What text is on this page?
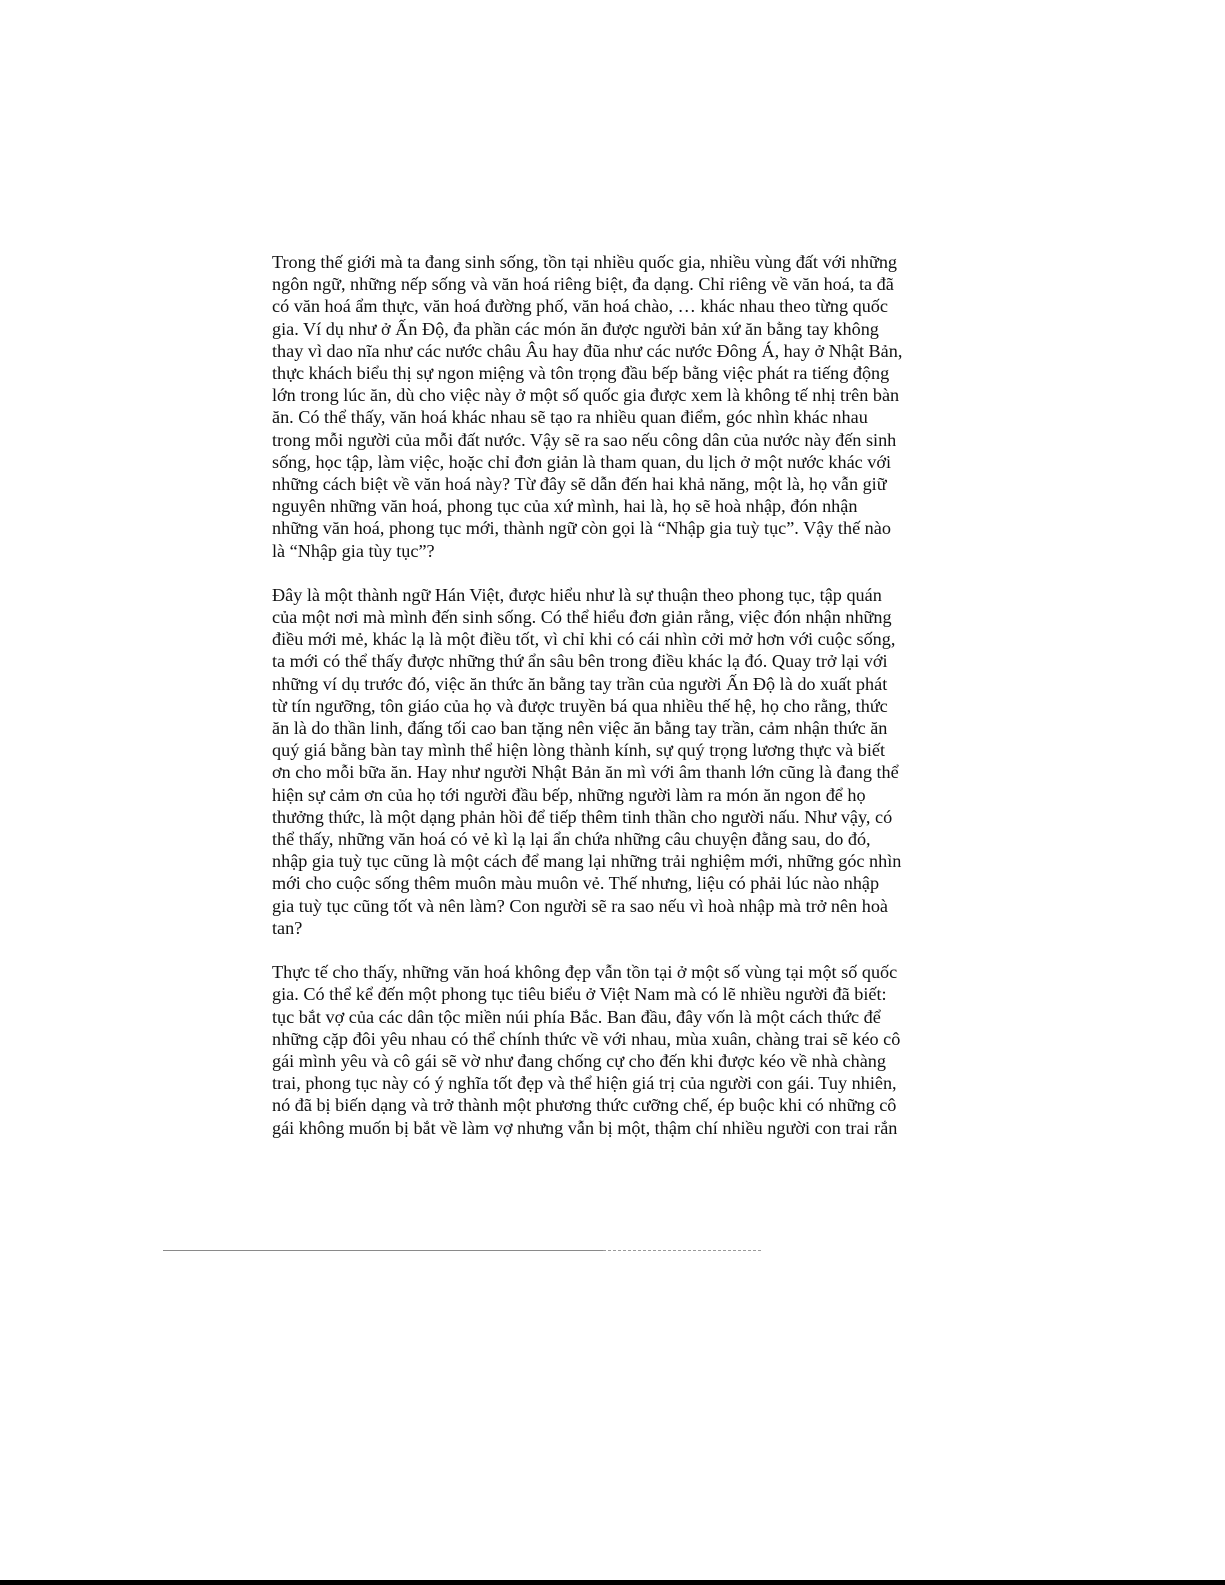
Trong thế giới mà ta đang sinh sống, tồn tại nhiều quốc gia, nhiều vùng đất với những
ngôn ngữ, những nếp sống và văn hoá riêng biệt, đa dạng. Chỉ riêng về văn hoá, ta đã
có văn hoá ẩm thực, văn hoá đường phố, văn hoá chào, … khác nhau theo từng quốc
gia. Ví dụ như ở Ấn Độ, đa phần các món ăn được người bản xứ ăn bằng tay không
thay vì dao nĩa như các nước châu Âu hay đũa như các nước Đông Á, hay ở Nhật Bản,
thực khách biểu thị sự ngon miệng và tôn trọng đầu bếp bằng việc phát ra tiếng động
lớn trong lúc ăn, dù cho việc này ở một số quốc gia được xem là không tế nhị trên bàn
ăn. Có thể thấy, văn hoá khác nhau sẽ tạo ra nhiều quan điểm, góc nhìn khác nhau
trong mỗi người của mỗi đất nước. Vậy sẽ ra sao nếu công dân của nước này đến sinh
sống, học tập, làm việc, hoặc chỉ đơn giản là tham quan, du lịch ở một nước khác với
những cách biệt về văn hoá này? Từ đây sẽ dẫn đến hai khả năng, một là, họ vẫn giữ
nguyên những văn hoá, phong tục của xứ mình, hai là, họ sẽ hoà nhập, đón nhận
những văn hoá, phong tục mới, thành ngữ còn gọi là “Nhập gia tuỳ tục”. Vậy thế nào
là “Nhập gia tùy tục”?

Đây là một thành ngữ Hán Việt, được hiểu như là sự thuận theo phong tục, tập quán
của một nơi mà mình đến sinh sống. Có thể hiểu đơn giản rằng, việc đón nhận những
điều mới mẻ, khác lạ là một điều tốt, vì chỉ khi có cái nhìn cởi mở hơn với cuộc sống,
ta mới có thể thấy được những thứ ẩn sâu bên trong điều khác lạ đó. Quay trở lại với
những ví dụ trước đó, việc ăn thức ăn bằng tay trần của người Ấn Độ là do xuất phát
từ tín ngưỡng, tôn giáo của họ và được truyền bá qua nhiều thế hệ, họ cho rằng, thức
ăn là do thần linh, đấng tối cao ban tặng nên việc ăn bằng tay trần, cảm nhận thức ăn
quý giá bằng bàn tay mình thể hiện lòng thành kính, sự quý trọng lương thực và biết
ơn cho mỗi bữa ăn. Hay như người Nhật Bản ăn mì với âm thanh lớn cũng là đang thể
hiện sự cảm ơn của họ tới người đầu bếp, những người làm ra món ăn ngon để họ
thưởng thức, là một dạng phản hồi để tiếp thêm tinh thần cho người nấu. Như vậy, có
thể thấy, những văn hoá có vẻ kì lạ lại ẩn chứa những câu chuyện đằng sau, do đó,
nhập gia tuỳ tục cũng là một cách để mang lại những trải nghiệm mới, những góc nhìn
mới cho cuộc sống thêm muôn màu muôn vẻ. Thế nhưng, liệu có phải lúc nào nhập
gia tuỳ tục cũng tốt và nên làm? Con người sẽ ra sao nếu vì hoà nhập mà trở nên hoà
tan?

Thực tế cho thấy, những văn hoá không đẹp vẫn tồn tại ở một số vùng tại một số quốc
gia. Có thể kể đến một phong tục tiêu biểu ở Việt Nam mà có lẽ nhiều người đã biết:
tục bắt vợ của các dân tộc miền núi phía Bắc. Ban đầu, đây vốn là một cách thức để
những cặp đôi yêu nhau có thể chính thức về với nhau, mùa xuân, chàng trai sẽ kéo cô
gái mình yêu và cô gái sẽ vờ như đang chống cự cho đến khi được kéo về nhà chàng
trai, phong tục này có ý nghĩa tốt đẹp và thể hiện giá trị của người con gái. Tuy nhiên,
nó đã bị biến dạng và trở thành một phương thức cưỡng chế, ép buộc khi có những cô
gái không muốn bị bắt về làm vợ nhưng vẫn bị một, thậm chí nhiều người con trai rắn
